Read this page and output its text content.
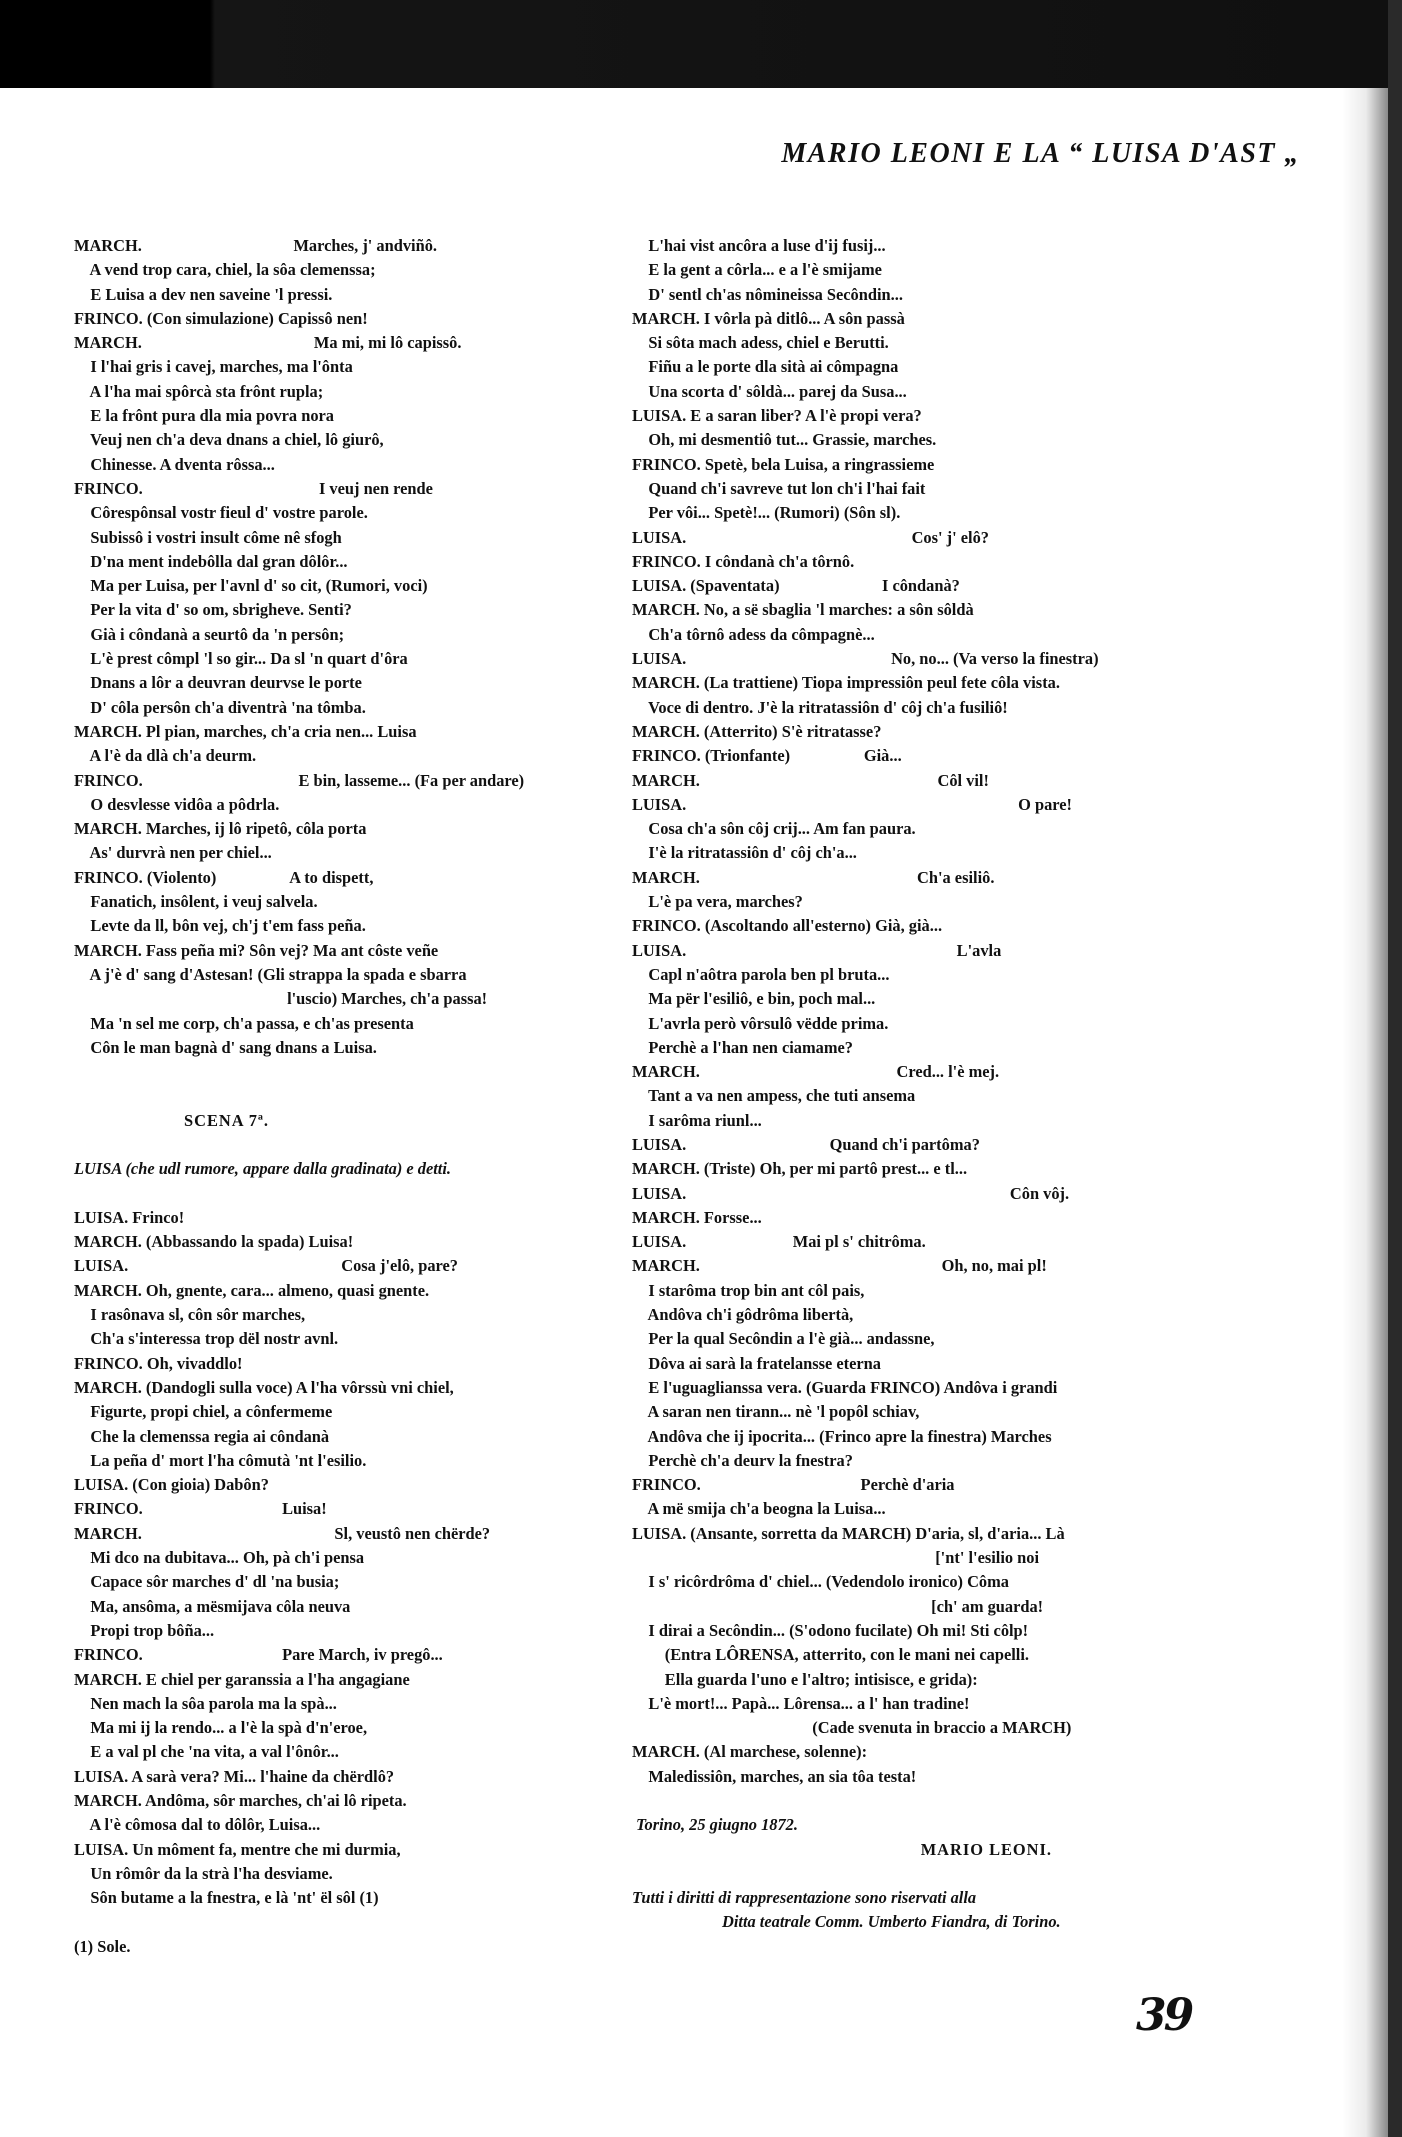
MARIO LEONI E LA “ LUISA D'AST „
MARCH.                                     Marches, j' andviñô.
A vend trop cara, chiel, la sôa clemenssa;
E Luisa a dev nen saveine 'l pressi.
FRINCO. (Con simulazione) Capissô nen!
MARCH.                                          Ma mi, mi lô capissô.
I l'hai gris i cavej, marches, ma l'ônta
A l'ha mai spôrcà sta frônt rupla;
E la frônt pura dla mia povra nora
Veuj nen ch'a deva dnans a chiel, lô giurô,
Chinesse. A dventa rôssa...
FRINCO.                                           I veuj nen rende
Côrespônsal vostr fieul d' vostre parole.
Subissô i vostri insult côme nê sfogh
D'na ment indebôlla dal gran dôlôr...
Ma per Luisa, per l'avnl d' so cit, (Rumori, voci)
Per la vita d' so om, sbrigheve. Senti?
Già i côndanà a seurtô da 'n persôn;
L'è prest cômpl 'l so gir... Da sl 'n quart d'ôra
Dnans a lôr a deuvran deurvse le porte
D' côla persôn ch'a diventrà 'na tômba.
MARCH. Pl pian, marches, ch'a cria nen... Luisa
A l'è da dlà ch'a deurm.
FRINCO.                                      E bin, lasseme... (Fa per andare)
O desvlesse vidôa a pôdrla.
MARCH. Marches, ij lô ripetô, côla porta
As' durvrà nen per chiel...
FRINCO. (Violento)                  A to dispett,
Fanatich, insôlent, i veuj salvela.
Levte da ll, bôn vej, ch'j t'em fass peña.
MARCH. Fass peña mi? Sôn vej? Ma ant côste veñe
A j'è d' sang d'Astesan! (Gli strappa la spada e sbarra
l'uscio) Marches, ch'a passa!
Ma 'n sel me corp, ch'a passa, e ch'as presenta
Côn le man bagnà d' sang dnans a Luisa.
SCENA 7ª.
LUISA (che udl rumore, appare dalla gradinata) e detti.
LUISA. Frinco!
MARCH. (Abbassando la spada) Luisa!
LUISA.                                                    Cosa j'elô, pare?
MARCH. Oh, gnente, cara... almeno, quasi gnente.
I rasônava sl, côn sôr marches,
Ch'a s'interessa trop dël nostr avnl.
FRINCO. Oh, vivaddlo!
MARCH. (Dandogli sulla voce) A l'ha vôrssù vni chiel,
Figurte, propi chiel, a cônfermeme
Che la clemenssa regia ai côndanà
La peña d' mort l'ha cômutà 'nt l'esilio.
LUISA. (Con gioia) Dabôn?
FRINCO.                                  Luisa!
MARCH.                                               Sl, veustô nen chërde?
Mi dco na dubitava... Oh, pà ch'i pensa
Capace sôr marches d' dl 'na busia;
Ma, ansôma, a mësmijava côla neuva
Propi trop bôña...
FRINCO.                                  Pare March, iv pregô...
MARCH. E chiel per garanssia a l'ha angagiane
Nen mach la sôa parola ma la spà...
Ma mi ij la rendo... a l'è la spà d'n'eroe,
E a val pl che 'na vita, a val l'ônôr...
LUISA. A sarà vera? Mi... l'haine da chërdlô?
MARCH. Andôma, sôr marches, ch'ai lô ripeta.
A l'è cômosa dal to dôlôr, Luisa...
LUISA. Un môment fa, mentre che mi durmia,
Un rômôr da la strà l'ha desviame.
Sôn butame a la fnestra, e là 'nt' ël sôl (1)
(1) Sole.
L'hai vist ancôra a luse d'ij fusij...
E la gent a côrla... e a l'è smijame
D' sentl ch'as nômineissa Secôndin...
MARCH. I vôrla pà ditlô... A sôn passà
Si sôta mach adess, chiel e Berutti.
Fiñu a le porte dla sità ai cômpagna
Una scorta d' sôldà... parej da Susa...
LUISA. E a saran liber? A l'è propi vera?
Oh, mi desmentiô tut... Grassie, marches.
FRINCO. Spetè, bela Luisa, a ringrassieme
Quand ch'i savreve tut lon ch'i l'hai fait
Per vôi... Spetè!... (Rumori) (Sôn sl).
LUISA.                                                       Cos' j' elô?
FRINCO. I côndanà ch'a tôrnô.
LUISA. (Spaventata)                         I côndanà?
MARCH. No, a së sbaglia 'l marches: a sôn sôldà
Ch'a tôrnô adess da cômpagnè...
LUISA.                                                  No, no... (Va verso la finestra)
MARCH. (La trattiene) Tiopa impressiôn peul fete côla vista.
Voce di dentro. J'è la ritratassiôn d' côj ch'a fusiliô!
MARCH. (Atterrito) S'è ritratasse?
FRINCO. (Trionfante)                  Già...
MARCH.                                                          Côl vil!
LUISA.                                                                                 O pare!
Cosa ch'a sôn côj crij... Am fan paura.
I'è la ritratassiôn d' côj ch'a...
MARCH.                                                     Ch'a esiliô.
L'è pa vera, marches?
FRINCO. (Ascoltando all'esterno) Già, già...
LUISA.                                                                  L'avla
Capl n'aôtra parola ben pl bruta...
Ma për l'esiliô, e bin, poch mal...
L'avrla però vôrsulô vëdde prima.
Perchè a l'han nen ciamame?
MARCH.                                                Cred... l'è mej.
Tant a va nen ampess, che tuti ansema
I sarôma riunl...
LUISA.                                   Quand ch'i partôma?
MARCH. (Triste) Oh, per mi partô prest... e tl...
LUISA.                                                                               Côn vôj.
MARCH. Forsse...
LUISA.                          Mai pl s' chitrôma.
MARCH.                                                           Oh, no, mai pl!
I starôma trop bin ant côl pais,
Andôva ch'i gôdrôma libertà,
Per la qual Secôndin a l'è già... andassne,
Dôva ai sarà la fratelansse eterna
E l'uguaglianssa vera. (Guarda FRINCO) Andôva i grandi
A saran nen tirann... nè 'l popôl schiav,
Andôva che ij ipocrita... (Frinco apre la finestra) Marches
Perchè ch'a deurv la fnestra?
FRINCO.                                       Perchè d'aria
A më smija ch'a beogna la Luisa...
LUISA. (Ansante, sorretta da MARCH) D'aria, sl, d'aria... Là
['nt' l'esilio noi
I s' ricôrdrôma d' chiel... (Vedendolo ironico) Côma
[ch' am guarda!
I dirai a Secôndin... (S'odono fucilate) Oh mi! Sti côlp!
(Entra LÔRENSA, atterrito, con le mani nei capelli.
Ella guarda l'uno e l'altro; intisisce, e grida):
L'è mort!... Papà... Lôrensa... a l' han tradine!
(Cade svenuta in braccio a MARCH)
MARCH. (Al marchese, solenne):
Maledissiôn, marches, an sia tôa testa!
Torino, 25 giugno 1872.
MARIO LEONI.
Tutti i diritti di rappresentazione sono riservati alla
Ditta teatrale Comm. Umberto Fiandra, di Torino.
39
